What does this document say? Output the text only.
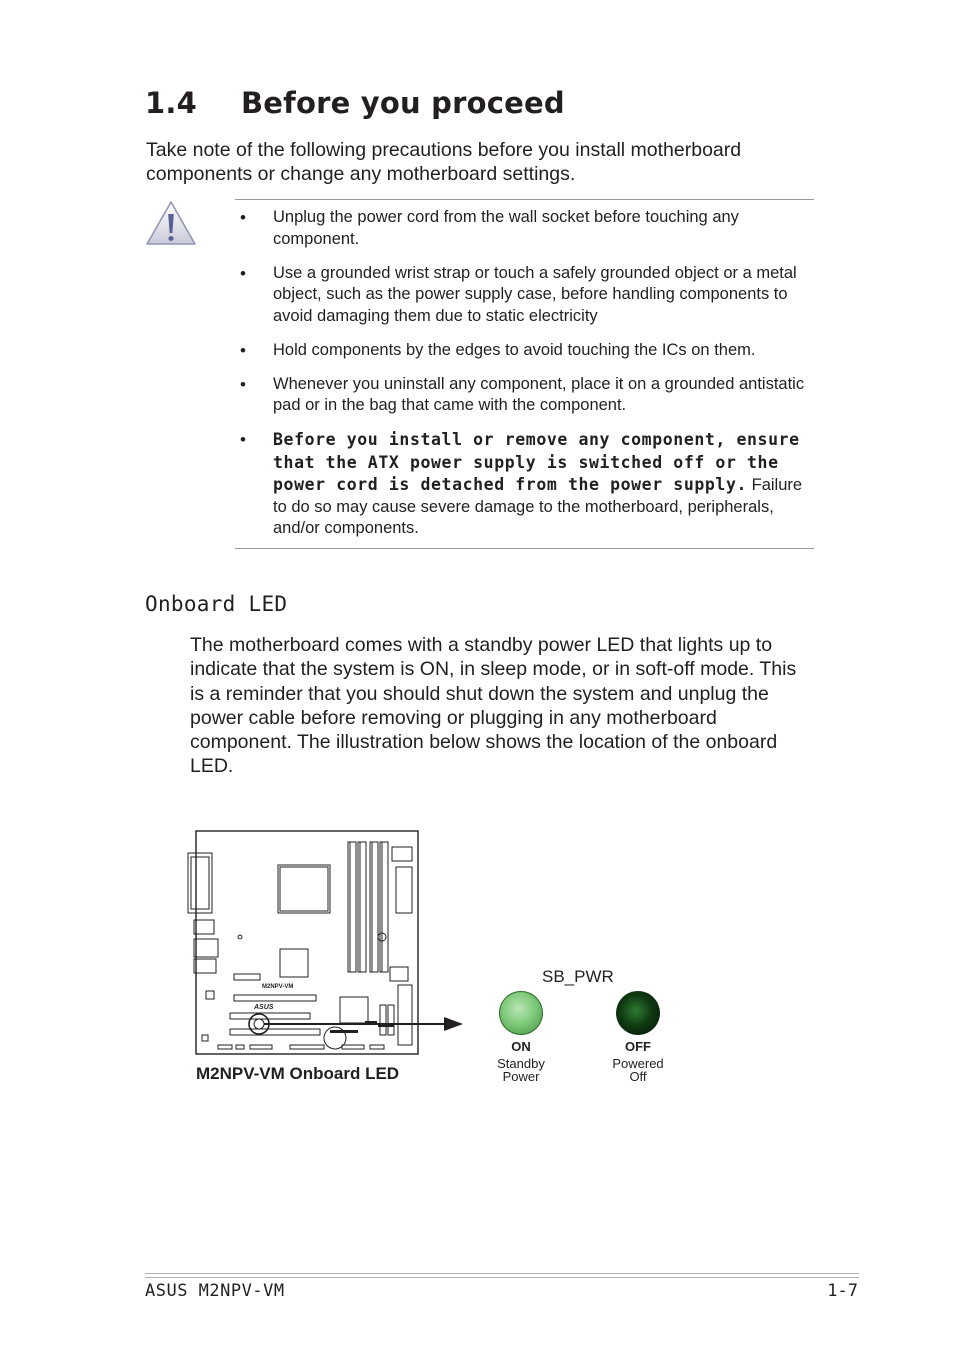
1.4 Before you proceed

Take note of the following precautions before you install motherboard components or change any motherboard settings.

• Unplug the power cord from the wall socket before touching any component.
• Use a grounded wrist strap or touch a safely grounded object or a metal object, such as the power supply case, before handling components to avoid damaging them due to static electricity
• Hold components by the edges to avoid touching the ICs on them.
• Whenever you uninstall any component, place it on a grounded antistatic pad or in the bag that came with the component.
• Before you install or remove any component, ensure that the ATX power supply is switched off or the power cord is detached from the power supply. Failure to do so may cause severe damage to the motherboard, peripherals, and/or components.
Onboard LED

The motherboard comes with a standby power LED that lights up to indicate that the system is ON, in sleep mode, or in soft-off mode. This is a reminder that you should shut down the system and unplug the power cable before removing or plugging in any motherboard component. The illustration below shows the location of the onboard LED.

M2NPV-VM
ASUS

M2NPV-VM Onboard LED

SB_PWR
ON
Standby
Power
OFF
Powered
Off
ASUS M2NPV-VM	1-7
